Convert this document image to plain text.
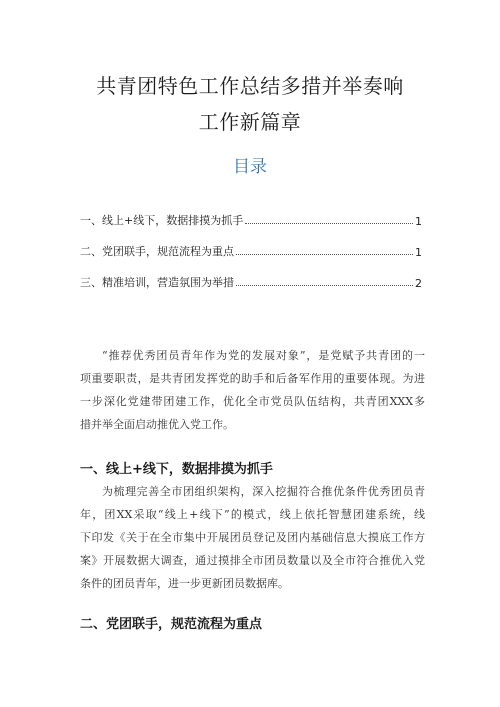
共青团特色工作总结多措并举奏响
工作新篇章
目录
一、线上+线下，数据排摸为抓手	1
二、党团联手，规范流程为重点	1
三、精准培训，营造氛围为举措	2
“推荐优秀团员青年作为党的发展对象”，是党赋予共青团的一
项重要职责，是共青团发挥党的助手和后备军作用的重要体现。为进
一步深化党建带团建工作，优化全市党员队伍结构，共青团XXX多
措并举全面启动推优入党工作。
一、线上+线下，数据排摸为抓手
为梳理完善全市团组织架构，深入挖掘符合推优条件优秀团员青
年，团XX采取“线上+线下”的模式，线上依托智慧团建系统，线
下印发《关于在全市集中开展团员登记及团内基础信息大摸底工作方
案》开展数据大调查，通过摸排全市团员数量以及全市符合推优入党
条件的团员青年，进一步更新团员数据库。
二、党团联手，规范流程为重点
